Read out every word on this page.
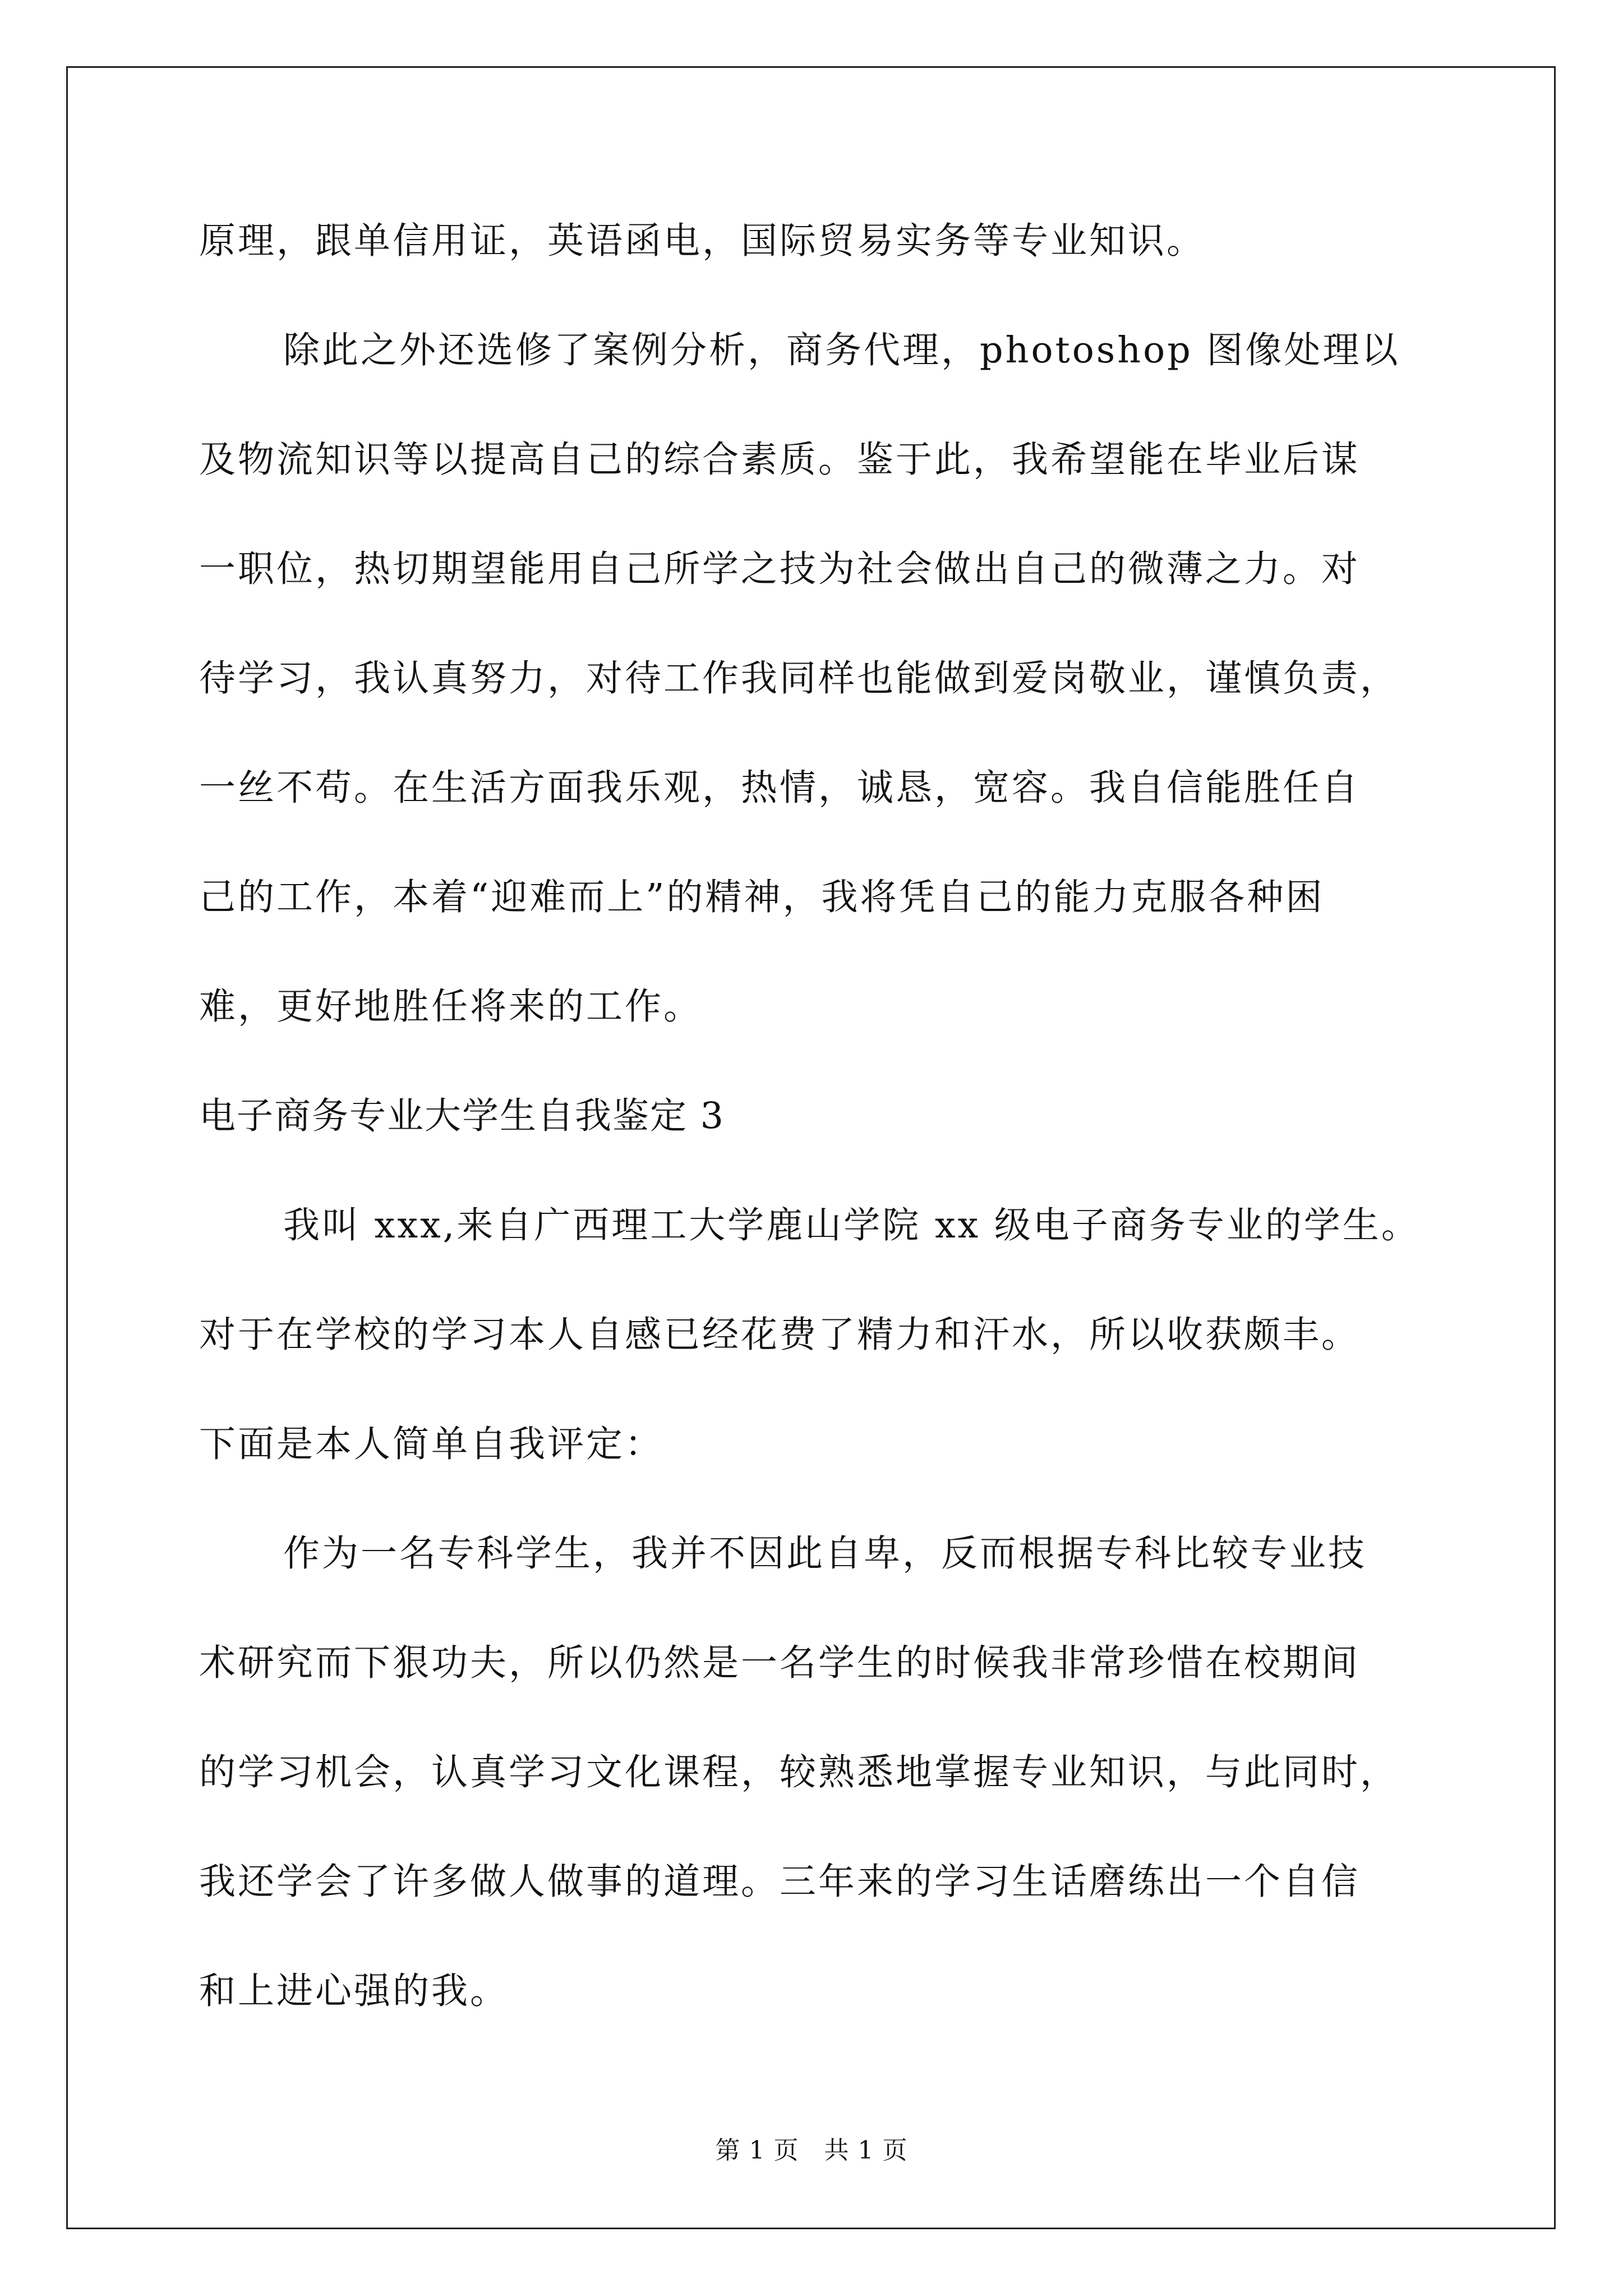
原理，跟单信用证，英语函电，国际贸易实务等专业知识。
除此之外还选修了案例分析，商务代理，photoshop 图像处理以
及物流知识等以提高自己的综合素质。鉴于此，我希望能在毕业后谋
一职位，热切期望能用自己所学之技为社会做出自己的微薄之力。对
待学习，我认真努力，对待工作我同样也能做到爱岗敬业，谨慎负责，
一丝不苟。在生活方面我乐观，热情，诚恳，宽容。我自信能胜任自
己的工作，本着“迎难而上”的精神，我将凭自己的能力克服各种困
难，更好地胜任将来的工作。
电子商务专业大学生自我鉴定 3
我叫 xxx,来自广西理工大学鹿山学院 xx 级电子商务专业的学生。
对于在学校的学习本人自感已经花费了精力和汗水，所以收获颇丰。
下面是本人简单自我评定：
作为一名专科学生，我并不因此自卑，反而根据专科比较专业技
术研究而下狠功夫，所以仍然是一名学生的时候我非常珍惜在校期间
的学习机会，认真学习文化课程，较熟悉地掌握专业知识，与此同时，
我还学会了许多做人做事的道理。三年来的学习生话磨练出一个自信
和上进心强的我。
第 1 页　共 1 页
